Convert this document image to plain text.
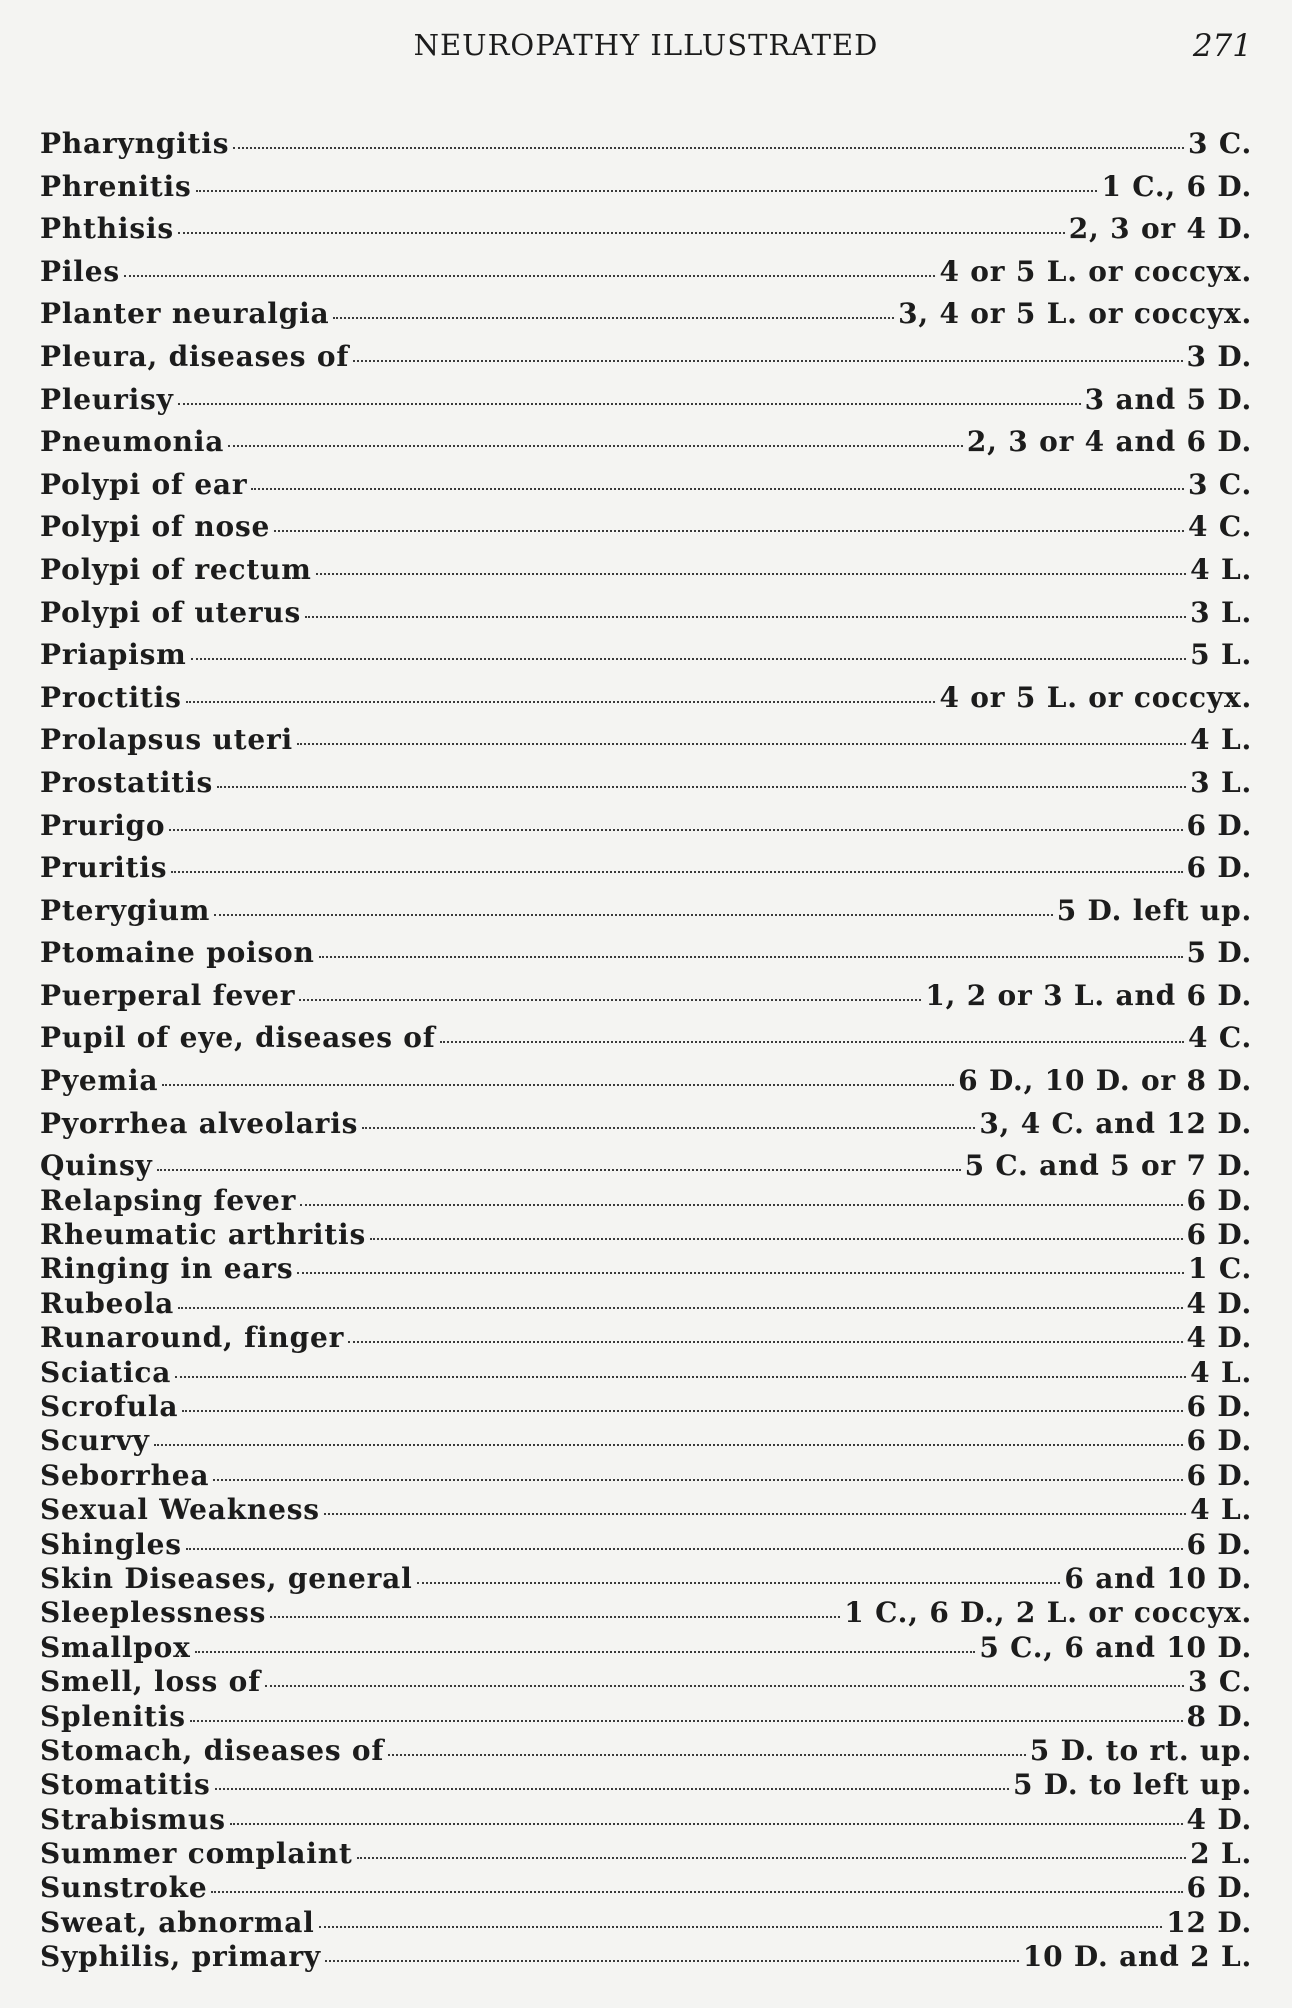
NEUROPATHY ILLUSTRATED	271
Pharyngitis	3 C.
Phrenitis	1 C., 6 D.
Phthisis	2, 3 or 4 D.
Piles	4 or 5 L. or coccyx.
Planter neuralgia	3, 4 or 5 L. or coccyx.
Pleura, diseases of	3 D.
Pleurisy	3 and 5 D.
Pneumonia	2, 3 or 4 and 6 D.
Polypi of ear	3 C.
Polypi of nose	4 C.
Polypi of rectum	4 L.
Polypi of uterus	3 L.
Priapism	5 L.
Proctitis	4 or 5 L. or coccyx.
Prolapsus uteri	4 L.
Prostatitis	3 L.
Prurigo	6 D.
Pruritis	6 D.
Pterygium	5 D. left up.
Ptomaine poison	5 D.
Puerperal fever	1, 2 or 3 L. and 6 D.
Pupil of eye, diseases of	4 C.
Pyemia	6 D., 10 D. or 8 D.
Pyorrhea alveolaris	3, 4 C. and 12 D.
Quinsy	5 C. and 5 or 7 D.
Relapsing fever	6 D.
Rheumatic arthritis	6 D.
Ringing in ears	1 C.
Rubeola	4 D.
Runaround, finger	4 D.
Sciatica	4 L.
Scrofula	6 D.
Scurvy	6 D.
Seborrhea	6 D.
Sexual Weakness	4 L.
Shingles	6 D.
Skin Diseases, general	6 and 10 D.
Sleeplessness	1 C., 6 D., 2 L. or coccyx.
Smallpox	5 C., 6 and 10 D.
Smell, loss of	3 C.
Splenitis	8 D.
Stomach, diseases of	5 D. to rt. up.
Stomatitis	5 D. to left up.
Strabismus	4 D.
Summer complaint	2 L.
Sunstroke	6 D.
Sweat, abnormal	12 D.
Syphilis, primary	10 D. and 2 L.
